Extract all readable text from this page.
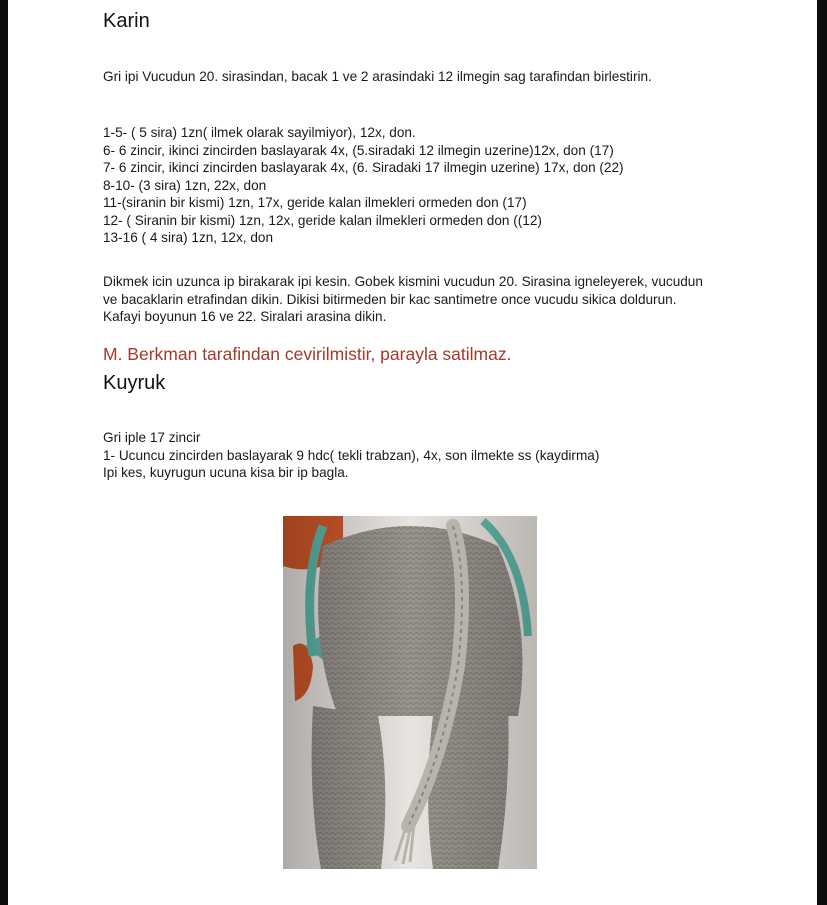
Karin
Gri ipi Vucudun 20. sirasindan, bacak 1 ve 2 arasindaki 12 ilmegin sag tarafindan birlestirin.
1-5- ( 5 sira) 1zn( ilmek olarak sayilmiyor), 12x, don.
6- 6 zincir, ikinci zincirden baslayarak 4x, (5.siradaki 12 ilmegin uzerine)12x, don (17)
7- 6 zincir, ikinci zincirden baslayarak 4x, (6. Siradaki 17 ilmegin uzerine) 17x, don (22)
8-10- (3 sira) 1zn, 22x, don
11-(siranin bir kismi) 1zn, 17x, geride kalan ilmekleri ormeden don (17)
12- ( Siranin bir kismi) 1zn, 12x, geride kalan ilmekleri ormeden don ((12)
13-16 ( 4 sira) 1zn, 12x, don
Dikmek icin uzunca ip birakarak ipi kesin. Gobek kismini vucudun 20. Sirasina igneleyerek, vucudun ve bacaklarin etrafindan dikin. Dikisi bitirmeden bir kac santimetre once vucudu sikica doldurun. Kafayi boyunun 16 ve 22. Siralari arasina dikin.
M. Berkman tarafindan cevirilmistir, parayla satilmaz.
Kuyruk
Gri iple 17 zincir
1- Ucuncu zincirden baslayarak 9 hdc( tekli trabzan), 4x, son ilmekte ss (kaydirma)
Ipi kes, kuyrugun ucuna kisa bir ip bagla.
